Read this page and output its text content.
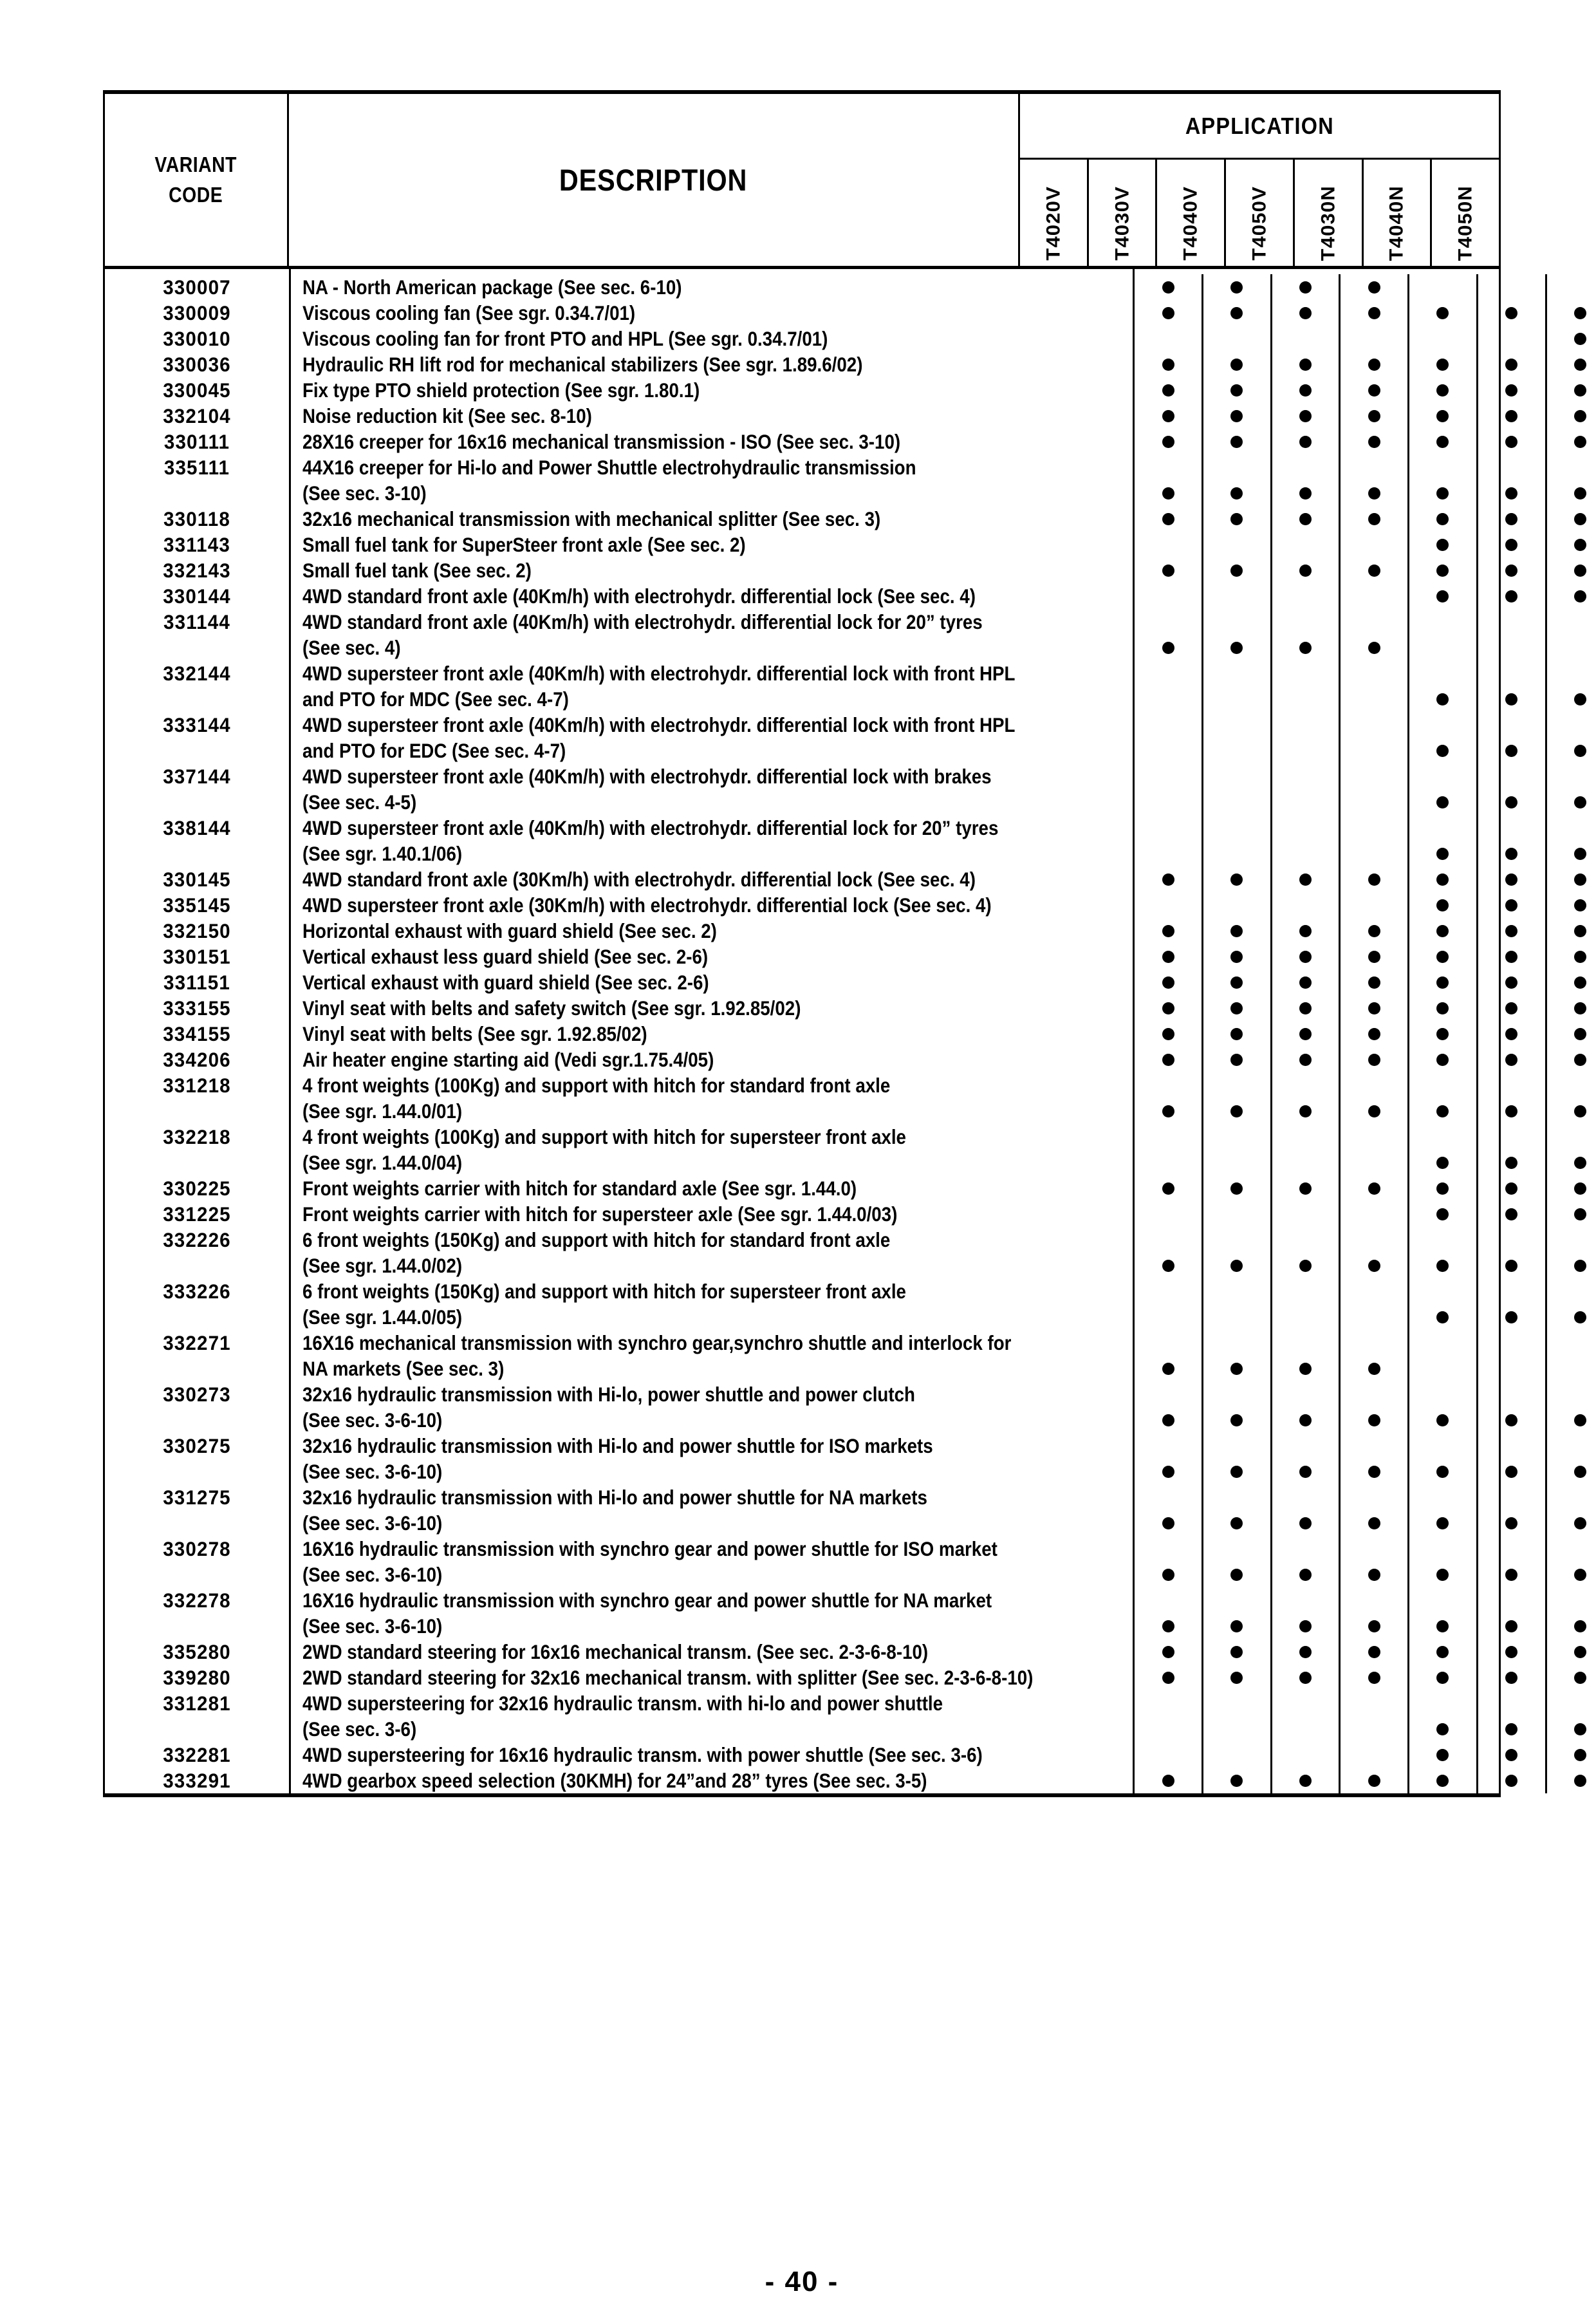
VARIANT
CODE	DESCRIPTION
APPLICATION
T4020V T4030V T4040V T4050V T4030N T4040N T4050N
330007
330009
330010
330036
330045
332104
330111
335111
330118
331143
332143
330144
331144
332144
333144
337144
338144
330145
335145
332150
330151
331151
333155
334155
334206
331218
332218
330225
331225
332226
333226
332271
330273
330275
331275
330278
332278
335280
339280
331281
332281
333291
NA - North American package (See sec. 6-10)
Viscous cooling fan (See sgr. 0.34.7/01)
Viscous cooling fan for front PTO and HPL (See sgr. 0.34.7/01)
Hydraulic RH lift rod for mechanical stabilizers (See sgr. 1.89.6/02)
Fix type PTO shield protection (See sgr. 1.80.1)
Noise reduction kit (See sec. 8-10)
28X16 creeper for 16x16 mechanical transmission - ISO (See sec. 3-10)
44X16 creeper for Hi-lo and Power Shuttle electrohydraulic transmission
(See sec. 3-10)
32x16 mechanical transmission with mechanical splitter (See sec. 3)
Small fuel tank for SuperSteer front axle (See sec. 2)
Small fuel tank (See sec. 2)
4WD standard front axle (40Km/h) with electrohydr. differential lock (See sec. 4)
4WD standard front axle (40Km/h) with electrohydr. differential lock for 20” tyres
(See sec. 4)
4WD supersteer front axle (40Km/h) with electrohydr. differential lock with front HPL
and PTO for MDC (See sec. 4-7)
4WD supersteer front axle (40Km/h) with electrohydr. differential lock with front HPL
and PTO for EDC (See sec. 4-7)
4WD supersteer front axle (40Km/h) with electrohydr. differential lock with brakes
(See sec. 4-5)
4WD supersteer front axle (40Km/h) with electrohydr. differential lock for 20” tyres
(See sgr. 1.40.1/06)
4WD standard front axle (30Km/h) with electrohydr. differential lock (See sec. 4)
4WD supersteer front axle (30Km/h) with electrohydr. differential lock (See sec. 4)
Horizontal exhaust with guard shield (See sec. 2)
Vertical exhaust less guard shield (See sec. 2-6)
Vertical exhaust with guard shield (See sec. 2-6)
Vinyl seat with belts and safety switch (See sgr. 1.92.85/02)
Vinyl seat with belts (See sgr. 1.92.85/02)
Air heater engine starting aid (Vedi sgr.1.75.4/05)
4 front weights (100Kg) and support with hitch for standard front axle
(See sgr. 1.44.0/01)
4 front weights (100Kg) and support with hitch for supersteer front axle
(See sgr. 1.44.0/04)
Front weights carrier with hitch for standard axle (See sgr. 1.44.0)
Front weights carrier with hitch for supersteer axle (See sgr. 1.44.0/03)
6 front weights (150Kg) and support with hitch for standard front axle
(See sgr. 1.44.0/02)
6 front weights (150Kg) and support with hitch for supersteer front axle
(See sgr. 1.44.0/05)
16X16 mechanical transmission with synchro gear,synchro shuttle and interlock for
NA markets (See sec. 3)
32x16 hydraulic transmission with Hi-lo, power shuttle and power clutch
(See sec. 3-6-10)
32x16 hydraulic transmission with Hi-lo and power shuttle for ISO markets
(See sec. 3-6-10)
32x16 hydraulic transmission with Hi-lo and power shuttle for NA markets
(See sec. 3-6-10)
16X16 hydraulic transmission with synchro gear and power shuttle for ISO market
(See sec. 3-6-10)
16X16 hydraulic transmission with synchro gear and power shuttle for NA market
(See sec. 3-6-10)
2WD standard steering for 16x16 mechanical transm. (See sec. 2-3-6-8-10)
2WD standard steering for 32x16 mechanical transm. with splitter (See sec. 2-3-6-8-10)
4WD supersteering for 32x16 hydraulic transm. with hi-lo and power shuttle
(See sec. 3-6)
4WD supersteering for 16x16 hydraulic transm. with power shuttle (See sec. 3-6)
4WD gearbox speed selection (30KMH) for 24”and 28” tyres (See sec. 3-5)
- 40 -
